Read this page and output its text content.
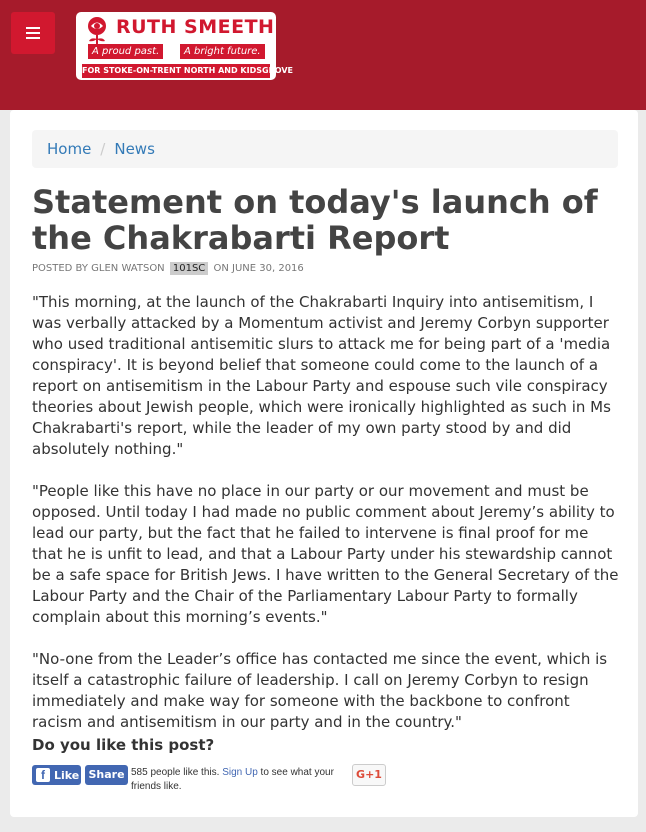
RUTH SMEETH
A proud past.	A bright future.
FOR STOKE-ON-TRENT NORTH AND KIDSGROVE
Home / News
Statement on today's launch of the Chakrabarti Report
POSTED BY GLEN WATSON 101SC ON JUNE 30, 2016

"This morning, at the launch of the Chakrabarti Inquiry into antisemitism, I was verbally attacked by a Momentum activist and Jeremy Corbyn supporter who used traditional antisemitic slurs to attack me for being part of a 'media conspiracy'. It is beyond belief that someone could come to the launch of a report on antisemitism in the Labour Party and espouse such vile conspiracy theories about Jewish people, which were ironically highlighted as such in Ms Chakrabarti's report, while the leader of my own party stood by and did absolutely nothing."

"People like this have no place in our party or our movement and must be opposed. Until today I had made no public comment about Jeremy’s ability to lead our party, but the fact that he failed to intervene is final proof for me that he is unfit to lead, and that a Labour Party under his stewardship cannot be a safe space for British Jews. I have written to the General Secretary of the Labour Party and the Chair of the Parliamentary Labour Party to formally complain about this morning’s events."

"No-one from the Leader’s office has contacted me since the event, which is itself a catastrophic failure of leadership. I call on Jeremy Corbyn to resign immediately and make way for someone with the backbone to confront racism and antisemitism in our party and in the country."

Do you like this post?
f Like Share 585 people like this. Sign Up to see what your friends like.
G+1
